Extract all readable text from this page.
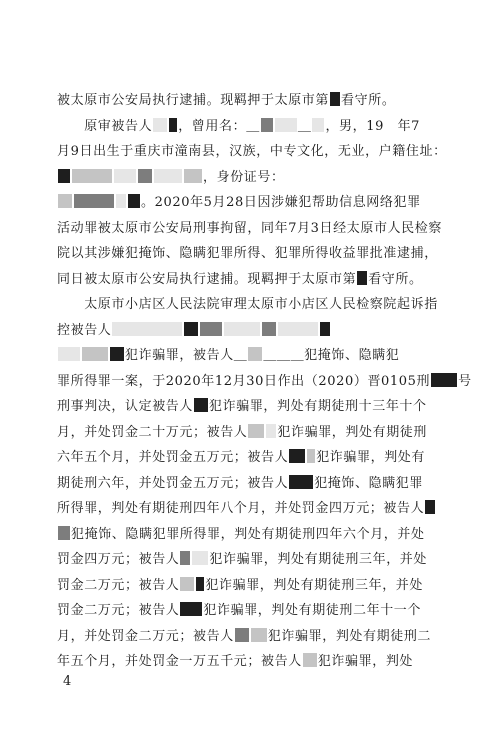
被太原市公安局执行逮捕。现羁押于太原市第 看守所。
　　原审被告人 ，曾用名：＿	＿ ，男，19　年7
月9日出生于重庆市潼南县，汉族，中专文化，无业，户籍住址：
，身份证号：
。2020年5月28日因涉嫌犯帮助信息网络犯罪
活动罪被太原市公安局刑事拘留，同年7月3日经太原市人民检察
院以其涉嫌犯掩饰、隐瞒犯罪所得、犯罪所得收益罪批准逮捕，
同日被太原市公安局执行逮捕。现羁押于太原市第 看守所。
　　太原市小店区人民法院审理太原市小店区人民检察院起诉指
控被告人
犯诈骗罪，被告人＿ ＿＿＿犯掩饰、隐瞒犯
罪所得罪一案，于2020年12月30日作出（2020）晋0105刑 号
刑事判决，认定被告人 犯诈骗罪，判处有期徒刑十三年十个
月，并处罚金二十万元；被告人 犯诈骗罪，判处有期徒刑
六年五个月，并处罚金五万元；被告人 犯诈骗罪，判处有
期徒刑六年，并处罚金五万元；被告人 犯掩饰、隐瞒犯罪
所得罪，判处有期徒刑四年八个月，并处罚金四万元；被告人
犯掩饰、隐瞒犯罪所得罪，判处有期徒刑四年六个月，并处
罚金四万元；被告人 犯诈骗罪，判处有期徒刑三年，并处
罚金二万元；被告人 犯诈骗罪，判处有期徒刑三年，并处
罚金二万元；被告人 犯诈骗罪，判处有期徒刑二年十一个
月，并处罚金二万元；被告人	犯诈骗罪，判处有期徒刑二
年五个月，并处罚金一万五千元；被告人 犯诈骗罪，判处
4
